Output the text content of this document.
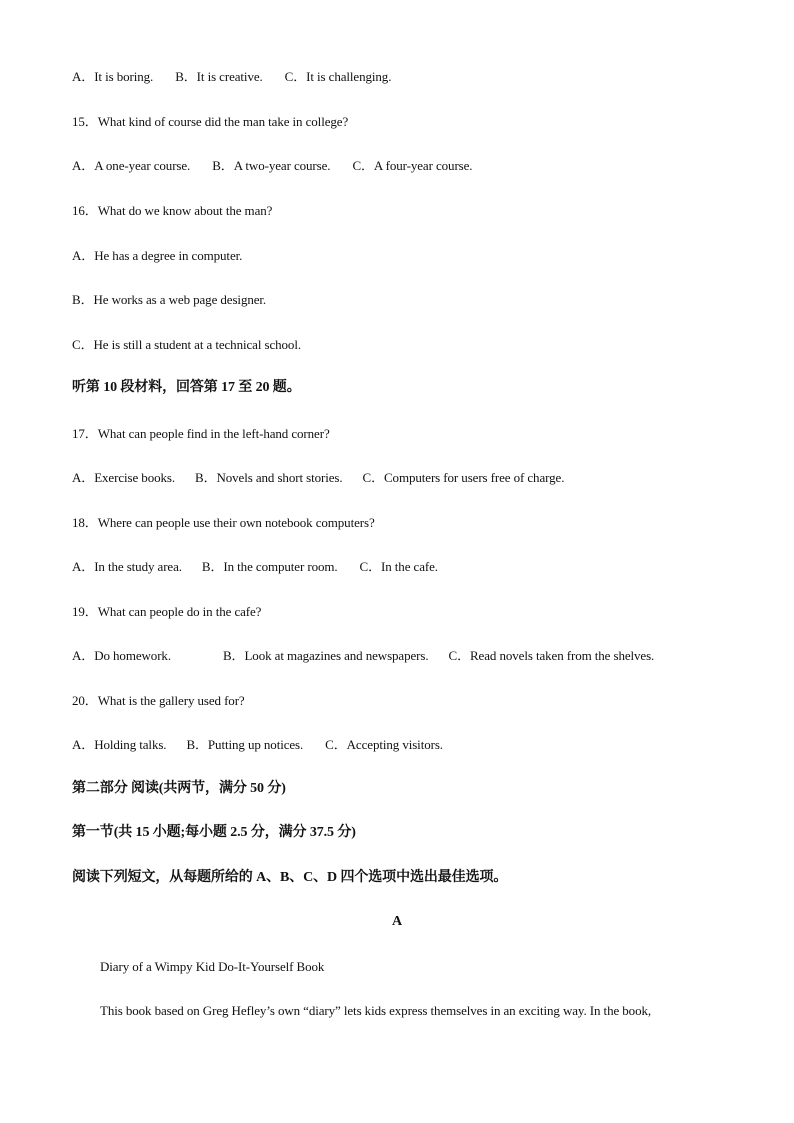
A．It is boring. B．It is creative. C．It is challenging.
15．What kind of course did the man take in college?
A．A one-year course. B．A two-year course. C．A four-year course.
16．What do we know about the man?
A．He has a degree in computer.
B．He works as a web page designer.
C．He is still a student at a technical school.
听第 10 段材料，回答第 17 至 20 题。
17．What can people find in the left-hand corner?
A．Exercise books. B．Novels and short stories. C．Computers for users free of charge.
18．Where can people use their own notebook computers?
A．In the study area. B．In the computer room. C．In the cafe.
19．What can people do in the cafe?
A．Do homework.	B．Look at magazines and newspapers. C．Read novels taken from the shelves.
20．What is the gallery used for?
A．Holding talks. B．Putting up notices. C．Accepting visitors.
第二部分 阅读(共两节，满分 50 分)
第一节(共 15 小题;每小题 2.5 分，满分 37.5 分)
阅读下列短文，从每题所给的 A、B、C、D 四个选项中选出最佳选项。
A
Diary of a Wimpy Kid Do-It-Yourself Book
This book based on Greg Hefley’s own “diary” lets kids express themselves in an exciting way. In the book,
